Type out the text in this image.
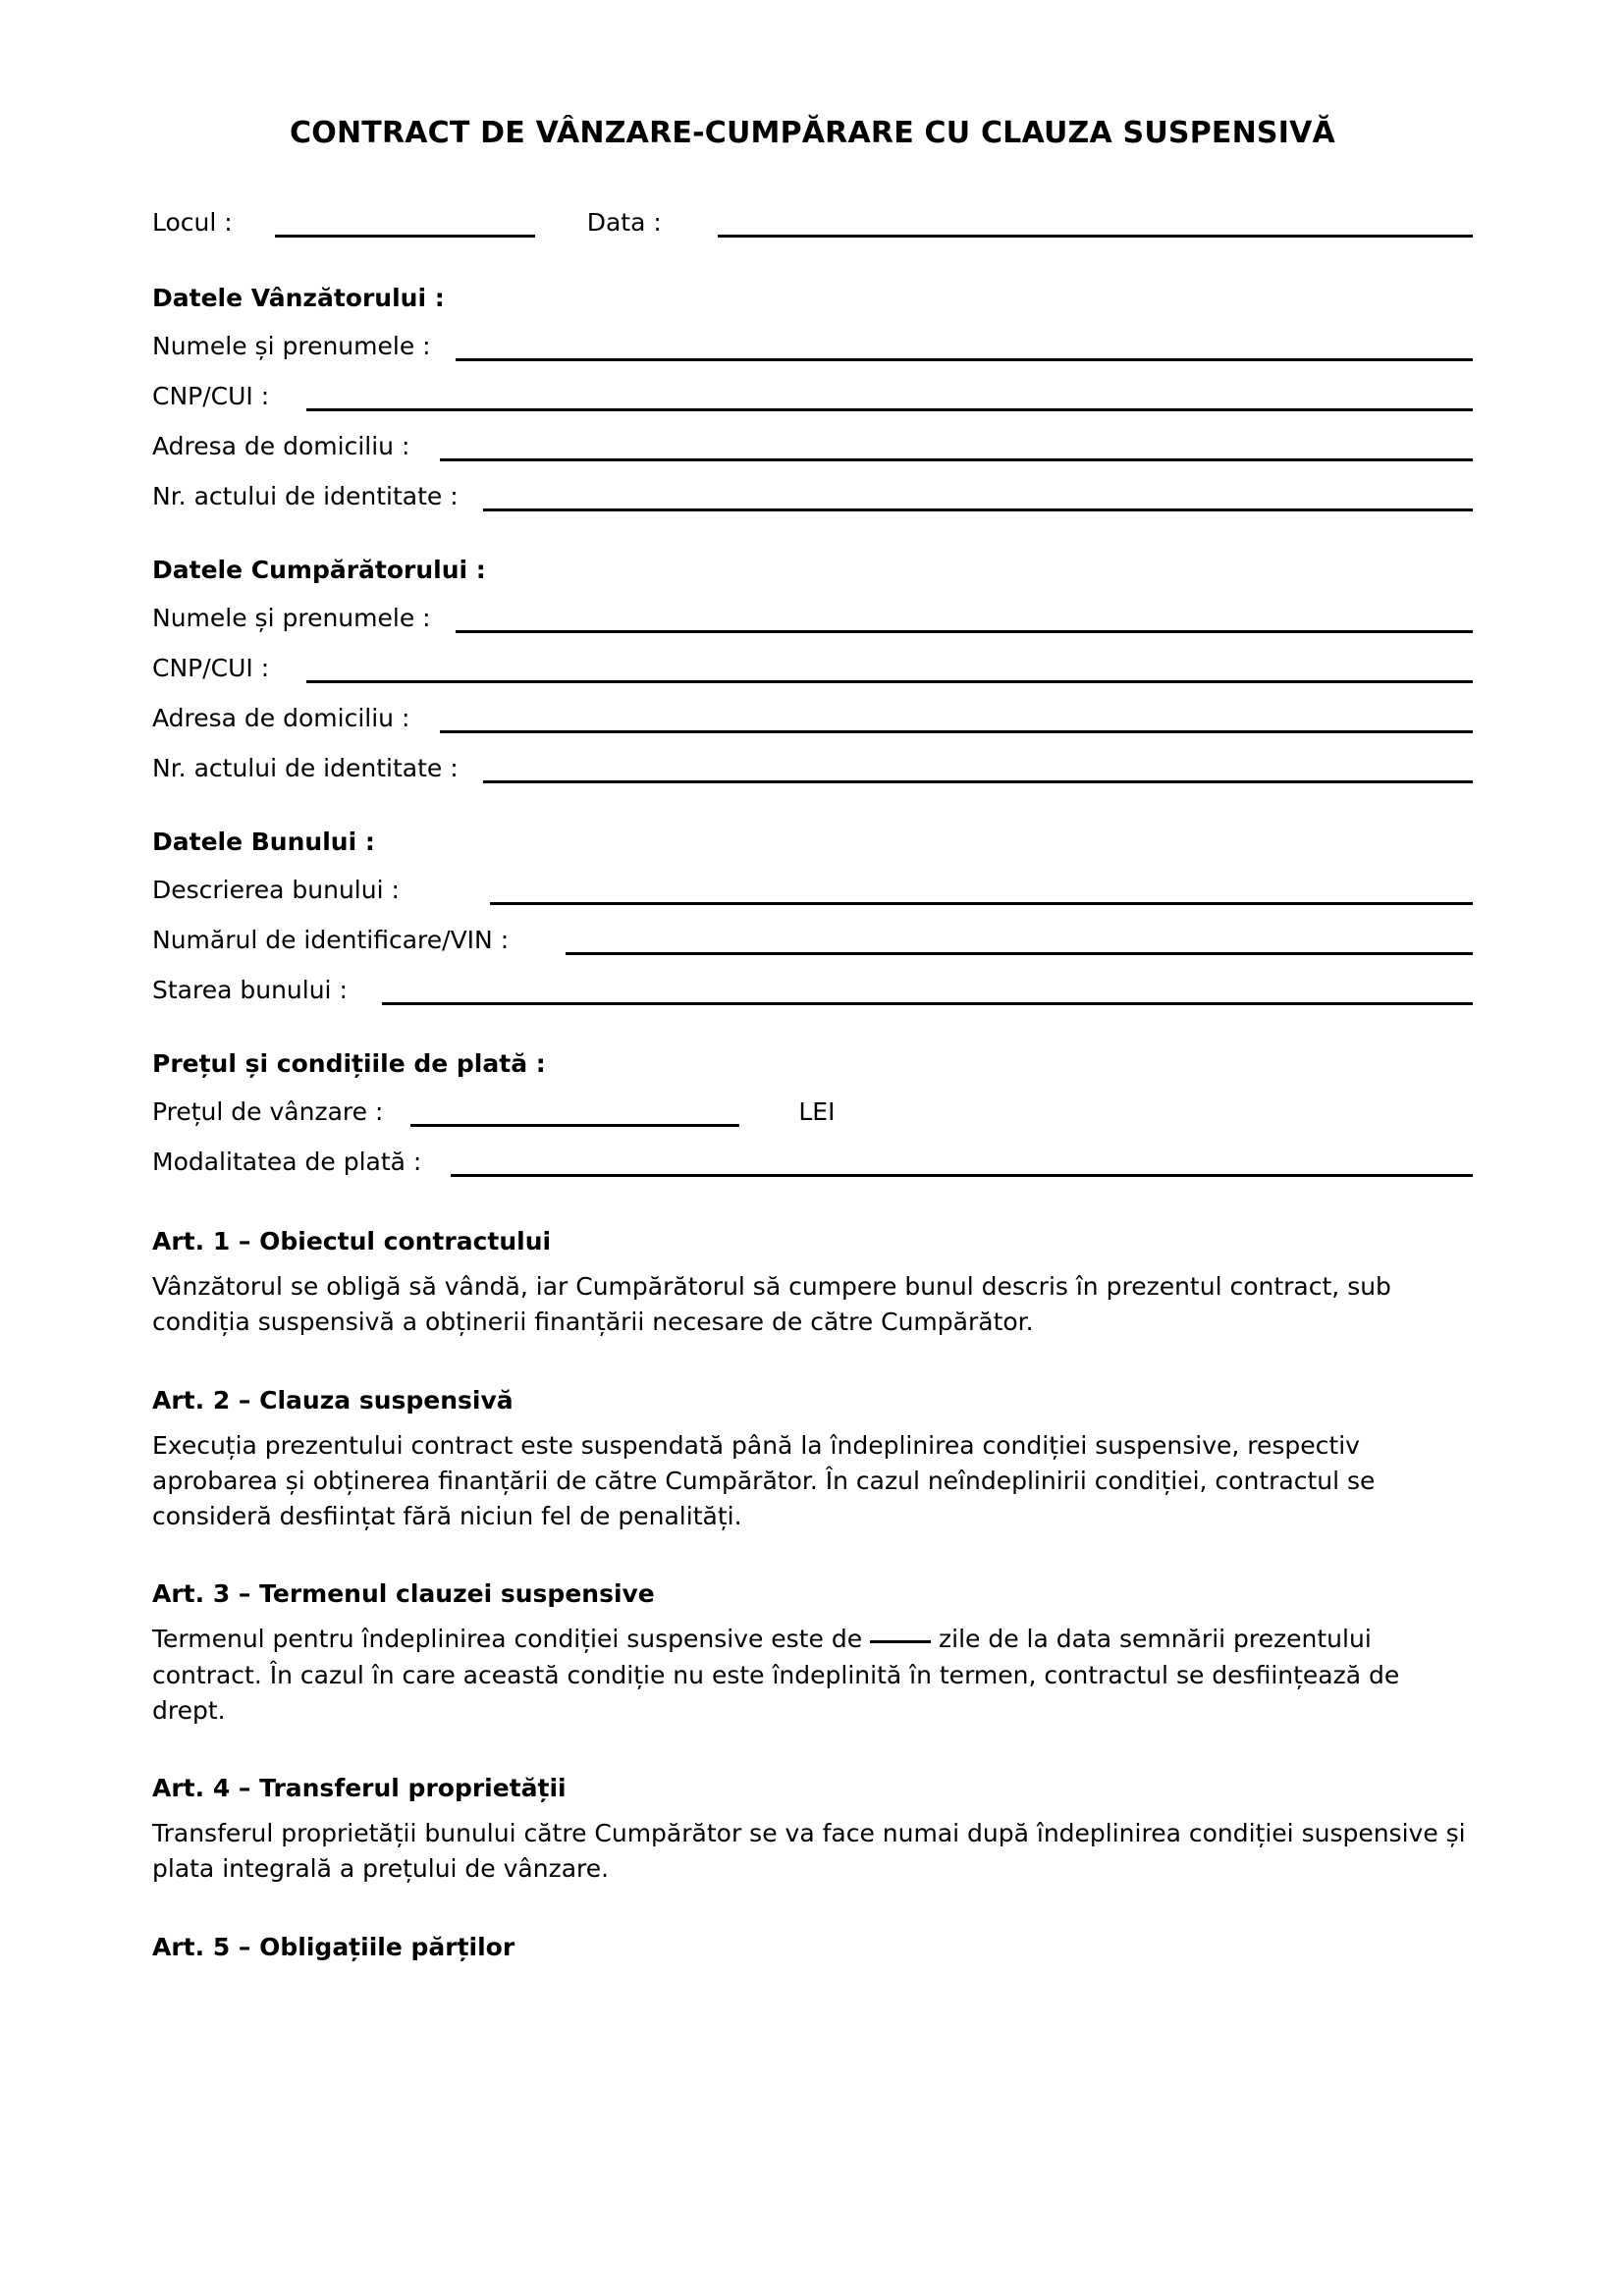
CONTRACT DE VÂNZARE-CUMPĂRARE CU CLAUZA SUSPENSIVĂ
Locul :	Data :
Datele Vânzătorului :
Numele și prenumele :
CNP/CUI :
Adresa de domiciliu :
Nr. actului de identitate :
Datele Cumpărătorului :
Numele și prenumele :
CNP/CUI :
Adresa de domiciliu :
Nr. actului de identitate :
Datele Bunului :
Descrierea bunului :
Numărul de identificare/VIN :
Starea bunului :
Prețul și condițiile de plată :
Prețul de vânzare :	LEI
Modalitatea de plată :
Art. 1 – Obiectul contractului

Vânzătorul se obligă să vândă, iar Cumpărătorul să cumpere bunul descris în prezentul contract, sub condiția suspensivă a obținerii finanțării necesare de către Cumpărător.

Art. 2 – Clauza suspensivă

Execuția prezentului contract este suspendată până la îndeplinirea condiției suspensive, respectiv aprobarea și obținerea finanțării de către Cumpărător. În cazul neîndeplinirii condiției, contractul se consideră desființat fără niciun fel de penalități.

Art. 3 – Termenul clauzei suspensive

Termenul pentru îndeplinirea condiției suspensive este de	zile de la data semnării prezentului contract. În cazul în care această condiție nu este îndeplinită în termen, contractul se desființează de drept.

Art. 4 – Transferul proprietății

Transferul proprietății bunului către Cumpărător se va face numai după îndeplinirea condiției suspensive și plata integrală a prețului de vânzare.

Art. 5 – Obligațiile părților
